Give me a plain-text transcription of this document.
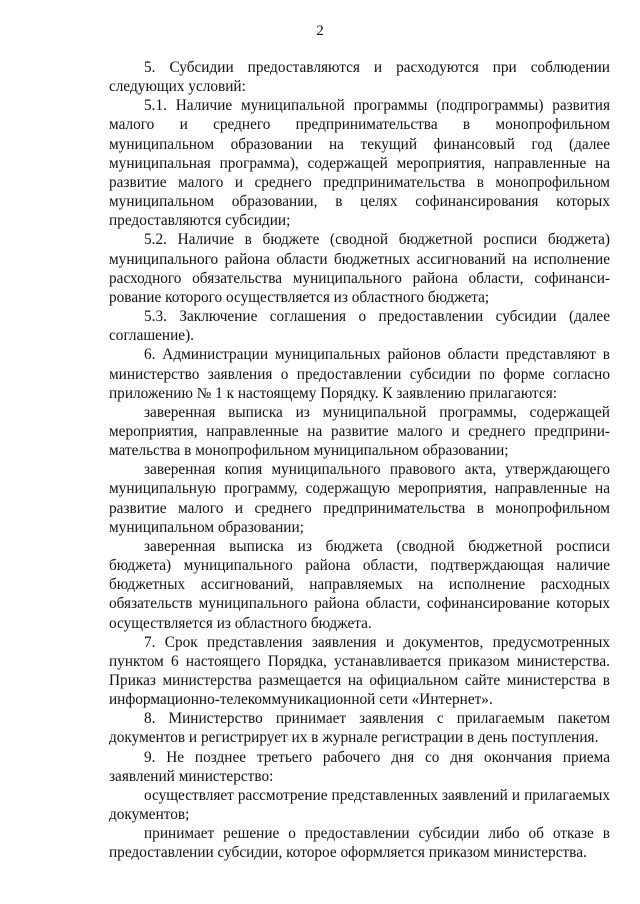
2

5. Субсидии предоставляются и расходуются при соблюдении следующих условий:

5.1. Наличие муниципальной программы (подпрограммы) развития малого и среднего предпринимательства в монопрофильном муниципальном образовании на текущий финансовый год (далее муниципальная программа), содержащей мероприятия, направленные на развитие малого и среднего предпринимательства в монопрофильном муниципальном образовании, в целях софинансирования которых предоставляются субсидии;

5.2. Наличие в бюджете (сводной бюджетной росписи бюджета) муниципального района области бюджетных ассигнований на исполнение расходного обязательства муниципального района области, софинансирование которого осуществляется из областного бюджета;

5.3. Заключение соглашения о предоставлении субсидии (далее соглашение).

6. Администрации муниципальных районов области представляют в министерство заявления о предоставлении субсидии по форме согласно приложению № 1 к настоящему Порядку. К заявлению прилагаются:

заверенная выписка из муниципальной программы, содержащей мероприятия, направленные на развитие малого и среднего предпринимательства в монопрофильном муниципальном образовании;

заверенная копия муниципального правового акта, утверждающего муниципальную программу, содержащую мероприятия, направленные на развитие малого и среднего предпринимательства в монопрофильном муниципальном образовании;

заверенная выписка из бюджета (сводной бюджетной росписи бюджета) муниципального района области, подтверждающая наличие бюджетных ассигнований, направляемых на исполнение расходных обязательств муниципального района области, софинансирование которых осуществляется из областного бюджета.

7. Срок представления заявления и документов, предусмотренных пунктом 6 настоящего Порядка, устанавливается приказом министерства. Приказ министерства размещается на официальном сайте министерства в информационно-телекоммуникационной сети «Интернет».

8. Министерство принимает заявления с прилагаемым пакетом документов и регистрирует их в журнале регистрации в день поступления.

9. Не позднее третьего рабочего дня со дня окончания приема заявлений министерство:

осуществляет рассмотрение представленных заявлений и прилагаемых документов;

принимает решение о предоставлении субсидии либо об отказе в предоставлении субсидии, которое оформляется приказом министерства.
